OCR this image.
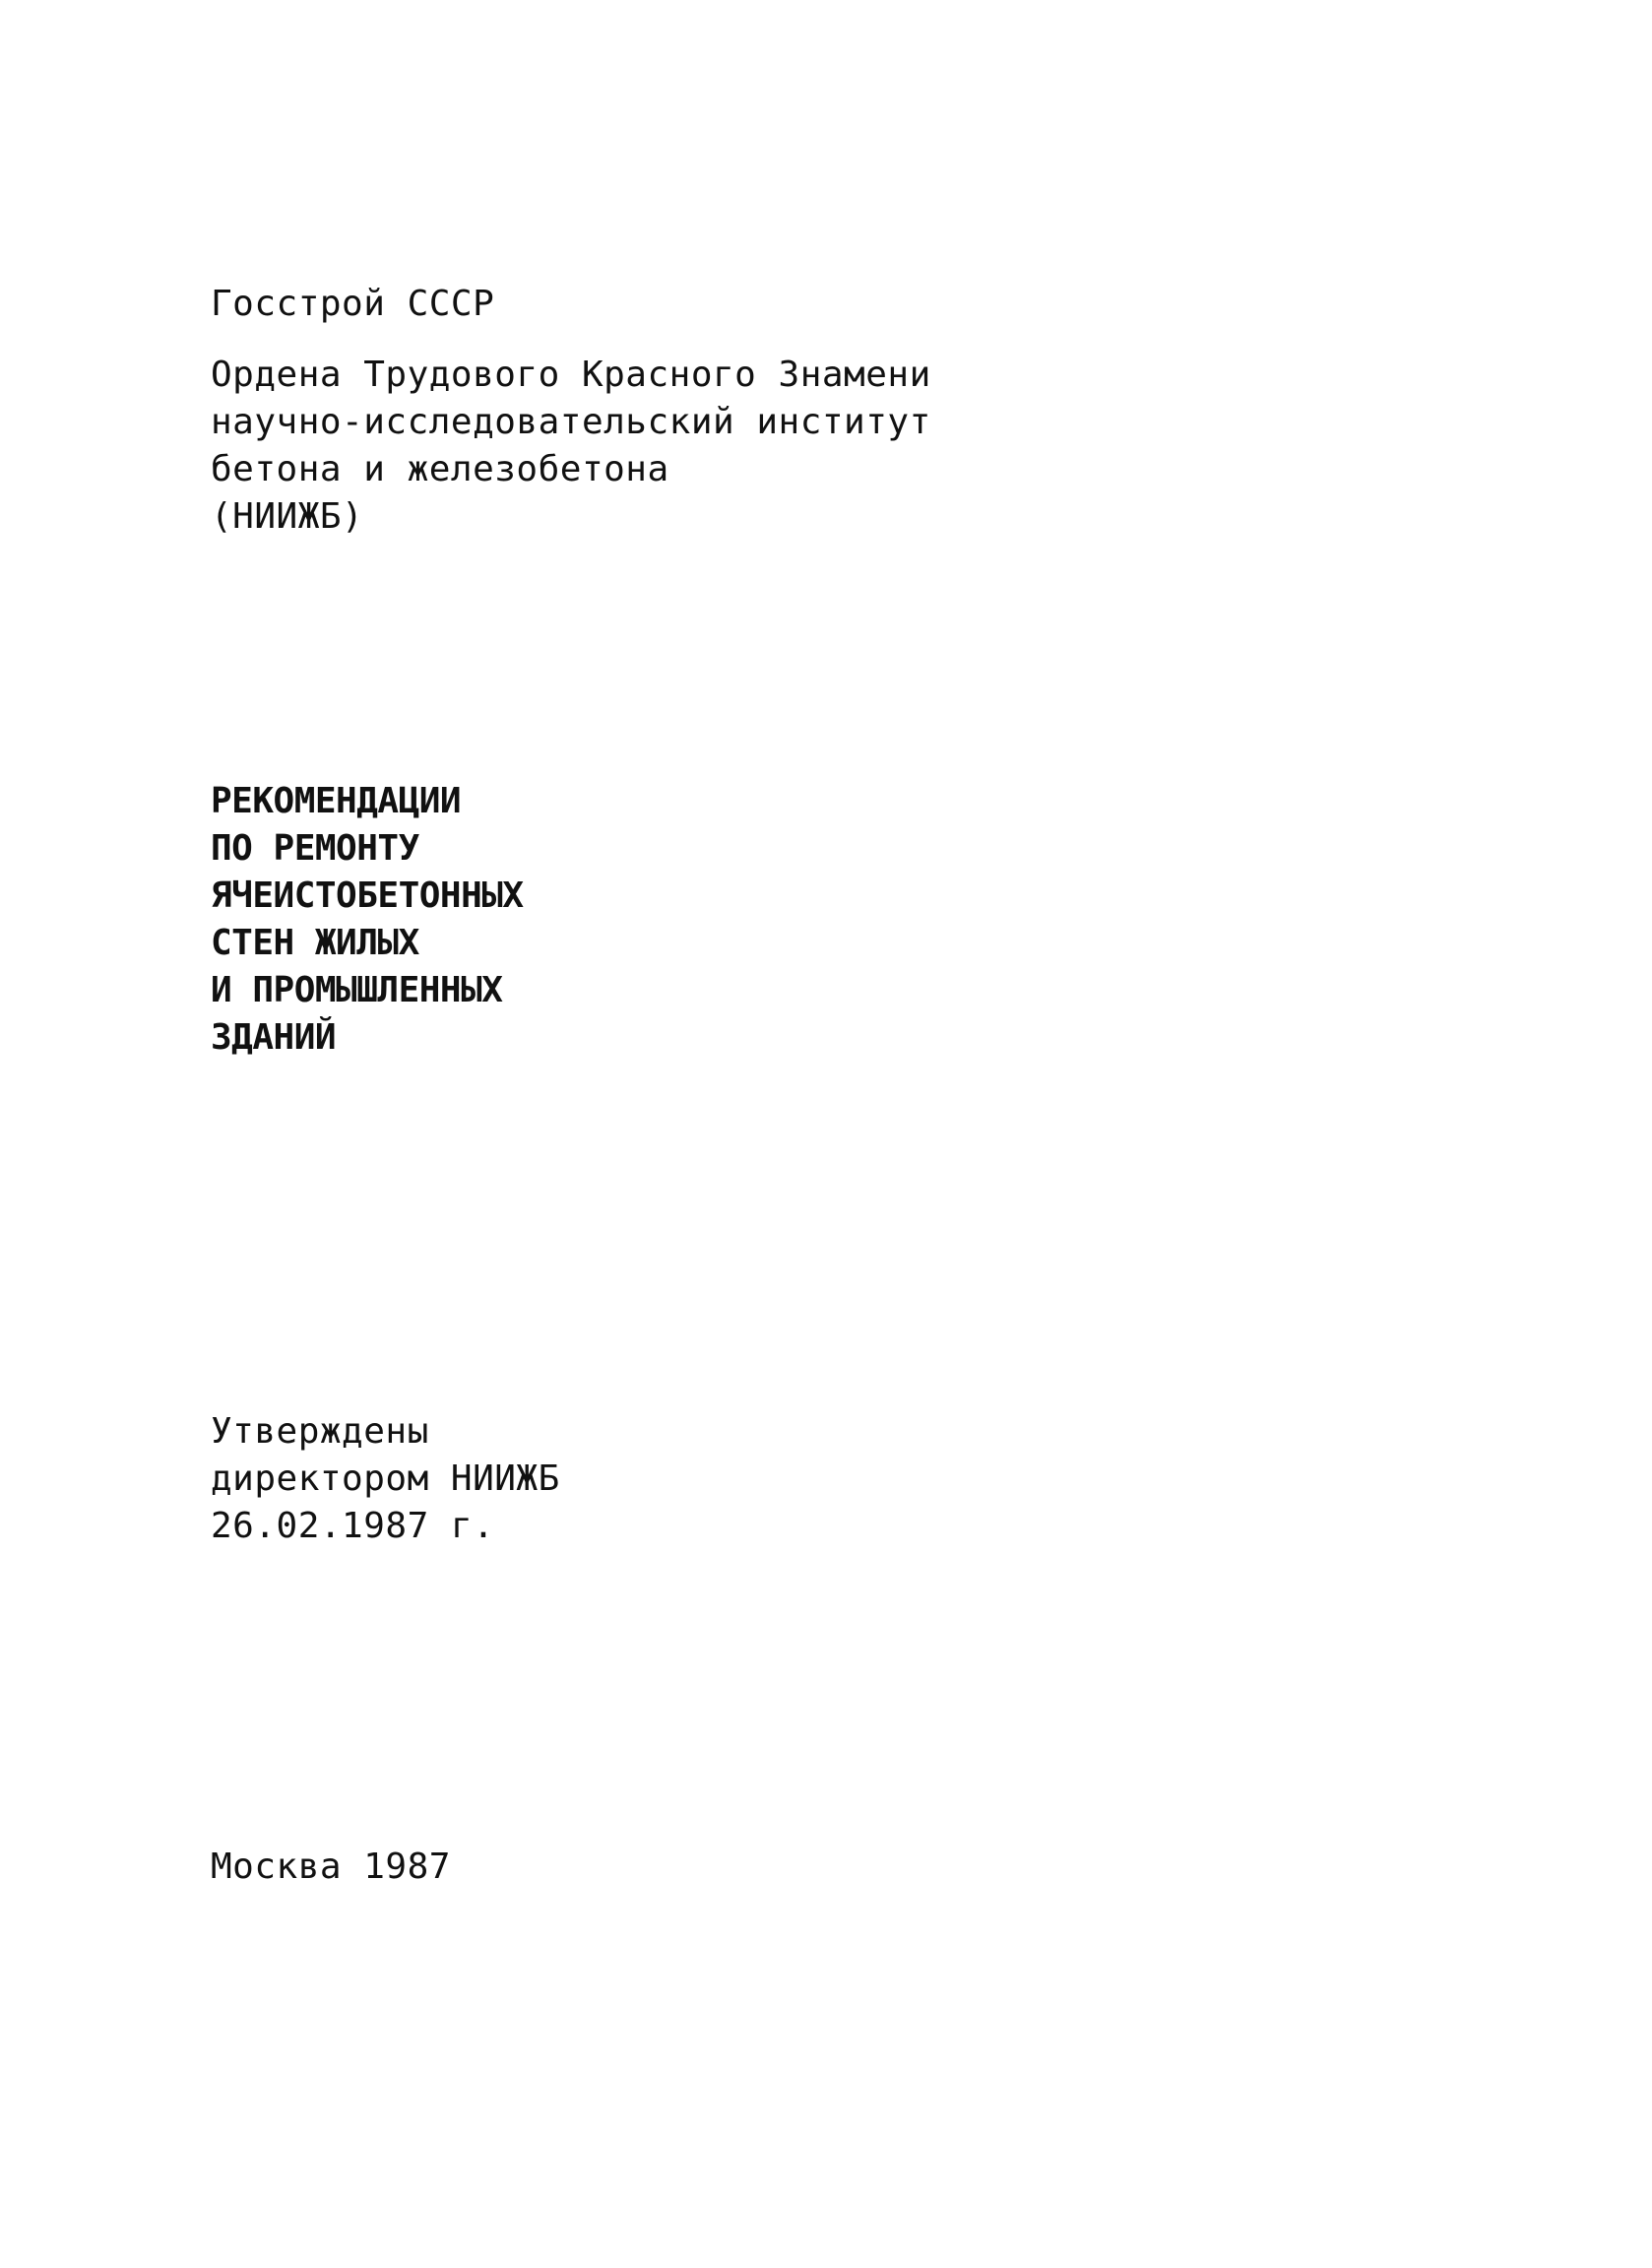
Госстрой СССР
Ордена Трудового Красного Знамени
научно-исследовательский институт
бетона и железобетона
(НИИЖБ)
РЕКОМЕНДАЦИИ
ПО РЕМОНТУ
ЯЧЕИСТОБЕТОННЫХ
СТЕН ЖИЛЫХ
И ПРОМЫШЛЕННЫХ
ЗДАНИЙ
Утверждены
директором НИИЖБ
26.02.1987 г.
Москва 1987
